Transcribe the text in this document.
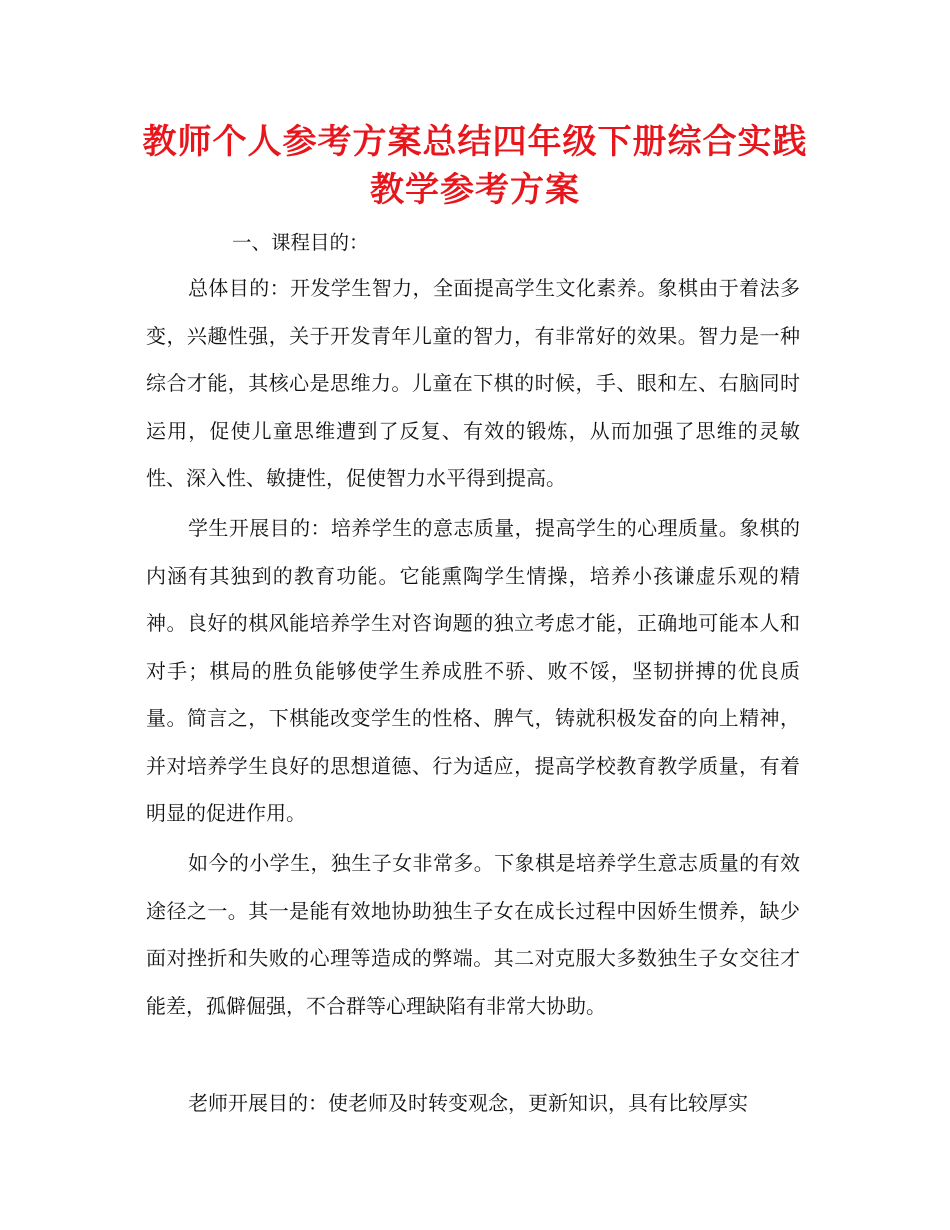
教师个人参考方案总结四年级下册综合实践教学参考方案

一、课程目的：

总体目的：开发学生智力，全面提高学生文化素养。象棋由于着法多变，兴趣性强，关于开发青年儿童的智力，有非常好的效果。智力是一种综合才能，其核心是思维力。儿童在下棋的时候，手、眼和左、右脑同时运用，促使儿童思维遭到了反复、有效的锻炼，从而加强了思维的灵敏性、深入性、敏捷性，促使智力水平得到提高。

学生开展目的：培养学生的意志质量，提高学生的心理质量。象棋的内涵有其独到的教育功能。它能熏陶学生情操，培养小孩谦虚乐观的精神。良好的棋风能培养学生对咨询题的独立考虑才能，正确地可能本人和对手；棋局的胜负能够使学生养成胜不骄、败不馁，坚韧拼搏的优良质量。简言之，下棋能改变学生的性格、脾气，铸就积极发奋的向上精神，并对培养学生良好的思想道德、行为适应，提高学校教育教学质量，有着明显的促进作用。

如今的小学生，独生子女非常多。下象棋是培养学生意志质量的有效途径之一。其一是能有效地协助独生子女在成长过程中因娇生惯养，缺少面对挫折和失败的心理等造成的弊端。其二对克服大多数独生子女交往才能差，孤僻倔强，不合群等心理缺陷有非常大协助。

老师开展目的：使老师及时转变观念，更新知识，具有比较厚实
